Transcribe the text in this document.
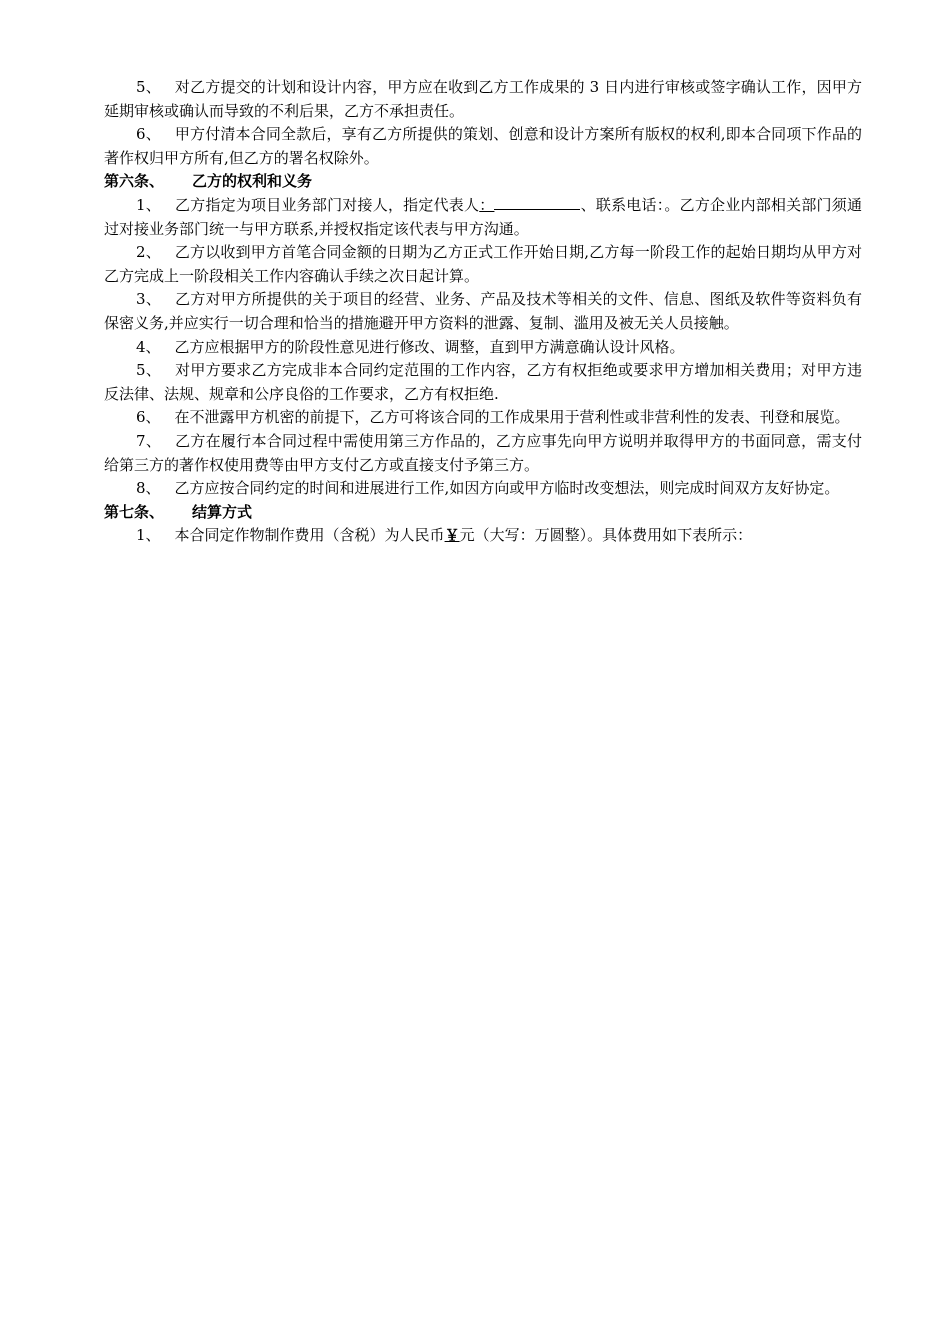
5、 对乙方提交的计划和设计内容，甲方应在收到乙方工作成果的 3 日内进行审核或签字确认工作，因甲方延期审核或确认而导致的不利后果，乙方不承担责任。

6、 甲方付清本合同全款后，享有乙方所提供的策划、创意和设计方案所有版权的权利,即本合同项下作品的著作权归甲方所有,但乙方的署名权除外。

第六条、 乙方的权利和义务

1、 乙方指定为项目业务部门对接人，指定代表人：	、联系电话：。乙方企业内部相关部门须通过对接业务部门统一与甲方联系,并授权指定该代表与甲方沟通。

2、 乙方以收到甲方首笔合同金额的日期为乙方正式工作开始日期,乙方每一阶段工作的起始日期均从甲方对乙方完成上一阶段相关工作内容确认手续之次日起计算。

3、 乙方对甲方所提供的关于项目的经营、业务、产品及技术等相关的文件、信息、图纸及软件等资料负有保密义务,并应实行一切合理和恰当的措施避开甲方资料的泄露、复制、滥用及被无关人员接触。

4、 乙方应根据甲方的阶段性意见进行修改、调整，直到甲方满意确认设计风格。

5、 对甲方要求乙方完成非本合同约定范围的工作内容，乙方有权拒绝或要求甲方增加相关费用；对甲方违反法律、法规、规章和公序良俗的工作要求，乙方有权拒绝.

6、 在不泄露甲方机密的前提下，乙方可将该合同的工作成果用于营利性或非营利性的发表、刊登和展览。

7、 乙方在履行本合同过程中需使用第三方作品的，乙方应事先向甲方说明并取得甲方的书面同意，需支付给第三方的著作权使用费等由甲方支付乙方或直接支付予第三方。

8、 乙方应按合同约定的时间和进展进行工作,如因方向或甲方临时改变想法，则完成时间双方友好协定。

第七条、 结算方式

1、 本合同定作物制作费用（含税）为人民币￥元（大写：万圆整）。具体费用如下表所示：
